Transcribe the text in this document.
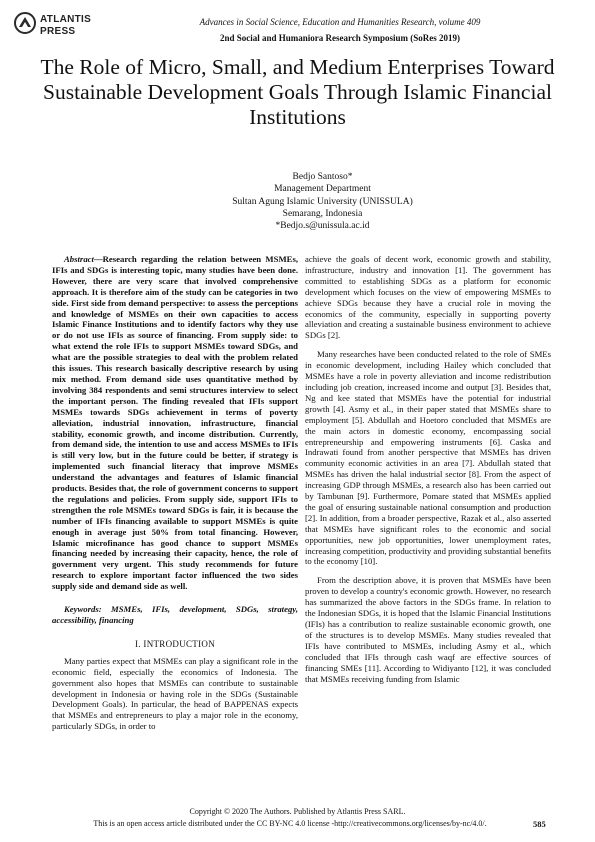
ATLANTIS
PRESS
Advances in Social Science, Education and Humanities Research, volume 409
2nd Social and Humaniora Research Symposium (SoRes 2019)
The Role of Micro, Small, and Medium Enterprises Toward Sustainable Development Goals Through Islamic Financial Institutions
Bedjo Santoso*
Management Department
Sultan Agung Islamic University (UNISSULA)
Semarang, Indonesia
*Bedjo.s@unissula.ac.id

Abstract—Research regarding the relation between MSMEs, IFIs and SDGs is interesting topic, many studies have been done. However, there are very scare that involved comprehensive approach. It is therefore aim of the study can be categories in two side. First side from demand perspective: to assess the perceptions and knowledge of MSMEs on their own capacities to access Islamic Finance Institutions and to identify factors why they use or do not use IFIs as source of financing. From supply side: to what extend the role IFIs to support MSMEs toward SDGs, and what are the possible strategies to deal with the problem related this issues. This research basically descriptive research by using mix method. From demand side uses quantitative method by involving 384 respondents and semi structures interview to select the important person. The finding revealed that IFIs support MSMEs towards SDGs achievement in terms of poverty alleviation, industrial innovation, infrastructure, financial stability, economic growth, and income distribution. Currently, from demand side, the intention to use and access MSMEs to IFIs is still very low, but in the future could be better, if strategy is implemented such financial literacy that improve MSMEs understand the advantages and features of Islamic financial products. Besides that, the role of government concerns to support the regulations and policies. From supply side, support IFIs to strengthen the role MSMEs toward SDGs is fair, it is because the number of IFIs financing available to support MSMEs is quite enough in average just 50% from total financing. However, Islamic microfinance has good chance to support MSMEs financing needed by increasing their capacity, hence, the role of government very urgent. This study recommends for future research to explore important factor influenced the two sides supply side and demand side as well.

Keywords: MSMEs, IFIs, development, SDGs, strategy, accessibility, financing

I. INTRODUCTION

Many parties expect that MSMEs can play a significant role in the economic field, especially the economics of Indonesia. The government also hopes that MSMEs can contribute to sustainable development in Indonesia or having role in the SDGs (Sustainable Development Goals). In particular, the head of BAPPENAS expects that MSMEs and entrepreneurs to play a major role in the economy, particularly SDGs, in order to

achieve the goals of decent work, economic growth and stability, infrastructure, industry and innovation [1]. The government has committed to establishing SDGs as a platform for economic development which focuses on the view of empowering MSMEs to achieve SDGs because they have a crucial role in moving the economics of the community, especially in supporting poverty alleviation and creating a sustainable business environment to achieve SDGs [2].

Many researches have been conducted related to the role of SMEs in economic development, including Hailey which concluded that MSMEs have a role in poverty alleviation and income redistribution including job creation, increased income and output [3]. Besides that, Ng and kee stated that MSMEs have the potential for industrial growth [4]. Asmy et al., in their paper stated that MSMEs share to employment [5]. Abdullah and Hoetoro concluded that MSMEs are the main actors in domestic economy, encompassing social entrepreneurship and empowering instruments [6]. Caska and Indrawati found from another perspective that MSMEs has driven community economic activities in an area [7]. Abdullah stated that MSMEs has driven the halal industrial sector [8]. From the aspect of increasing GDP through MSMEs, a research also has been carried out by Tambunan [9]. Furthermore, Pomare stated that MSMEs applied the goal of ensuring sustainable national consumption and production [2]. In addition, from a broader perspective, Razak et al., also asserted that MSMEs have significant roles to the economic and social opportunities, new job opportunities, lower unemployment rates, increasing competition, productivity and providing substantial benefits to the economy [10].

From the description above, it is proven that MSMEs have been proven to develop a country's economic growth. However, no research has summarized the above factors in the SDGs frame. In relation to the Indonesian SDGs, it is hoped that the Islamic Financial Institutions (IFIs) has a contribution to realize sustainable economic growth, one of the structures is to develop MSMEs. Many studies revealed that IFIs have contributed to MSMEs, including Asmy et al., which concluded that IFIs through cash waqf are effective sources of financing SMEs [11]. According to Widiyanto [12], it was concluded that MSMEs receiving funding from Islamic

Copyright © 2020 The Authors. Published by Atlantis Press SARL.
This is an open access article distributed under the CC BY-NC 4.0 license -http://creativecommons.org/licenses/by-nc/4.0/.	585
